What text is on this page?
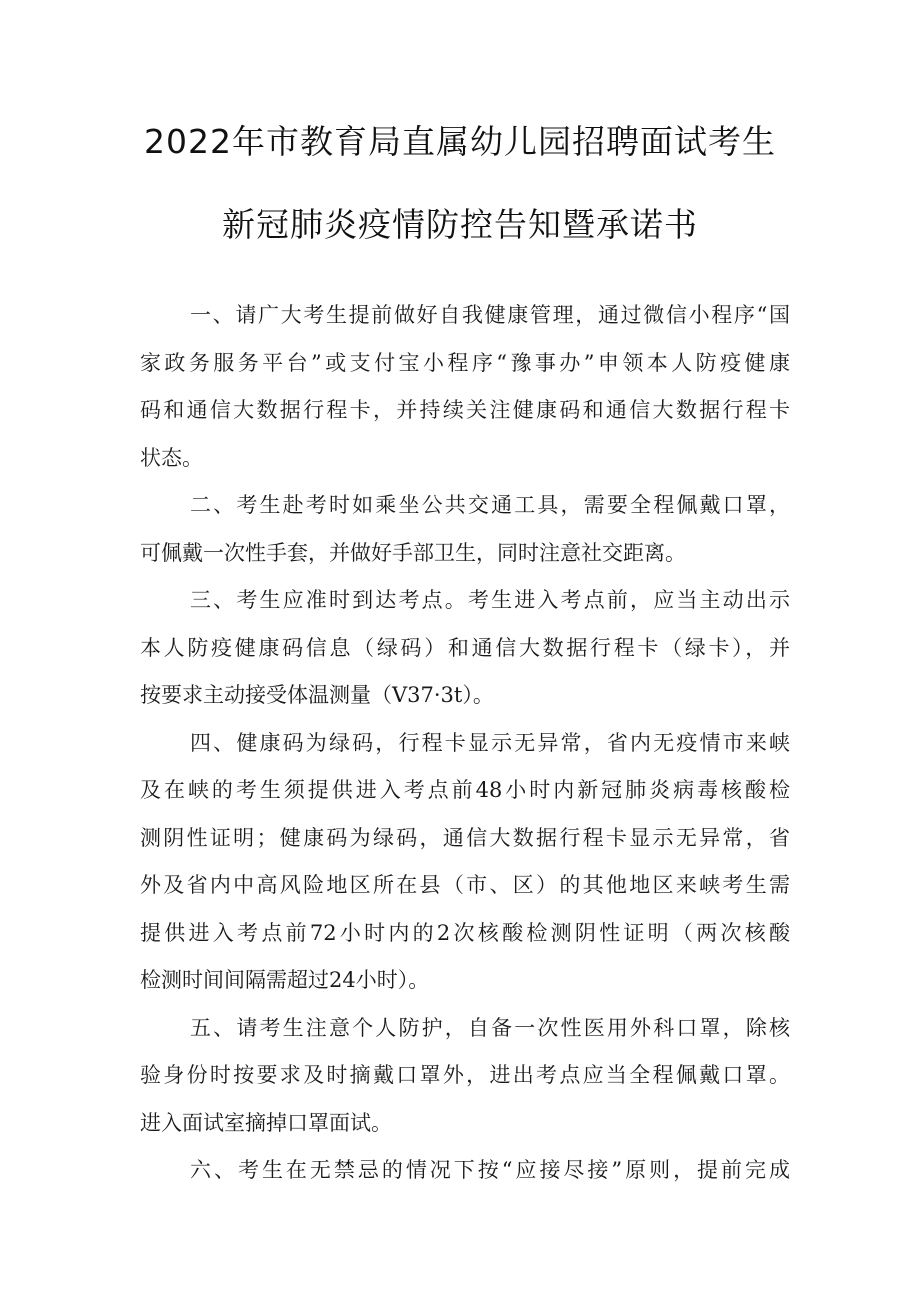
2022年市教育局直属幼儿园招聘面试考生
新冠肺炎疫情防控告知暨承诺书
一、请广大考生提前做好自我健康管理，通过微信小程序“国
家政务服务平台”或支付宝小程序“豫事办”申领本人防疫健康
码和通信大数据行程卡，并持续关注健康码和通信大数据行程卡
状态。
二、考生赴考时如乘坐公共交通工具，需要全程佩戴口罩，
可佩戴一次性手套，并做好手部卫生，同时注意社交距离。
三、考生应准时到达考点。考生进入考点前，应当主动出示
本人防疫健康码信息（绿码）和通信大数据行程卡（绿卡），并
按要求主动接受体温测量（V37·3t）。
四、健康码为绿码，行程卡显示无异常，省内无疫情市来峡
及在峡的考生须提供进入考点前48小时内新冠肺炎病毒核酸检
测阴性证明；健康码为绿码，通信大数据行程卡显示无异常，省
外及省内中高风险地区所在县（市、区）的其他地区来峡考生需
提供进入考点前72小时内的2次核酸检测阴性证明（两次核酸
检测时间间隔需超过24小时）。
五、请考生注意个人防护，自备一次性医用外科口罩，除核
验身份时按要求及时摘戴口罩外，进出考点应当全程佩戴口罩。
进入面试室摘掉口罩面试。
六、考生在无禁忌的情况下按“应接尽接”原则，提前完成
